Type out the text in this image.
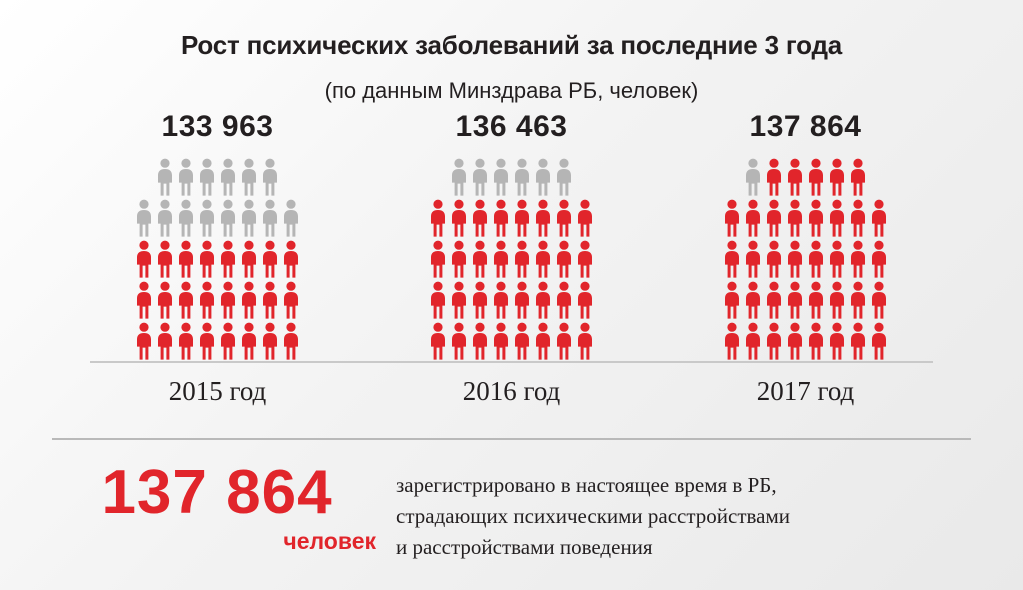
Рост психических заболеваний за последние 3 года
(по данным Минздрава РБ, человек)
133 963	136 463	137 864
2015 год	2016 год	2017 год
137 864
человек
зарегистрировано в настоящее время в РБ,
страдающих психическими расстройствами
и расстройствами поведения
